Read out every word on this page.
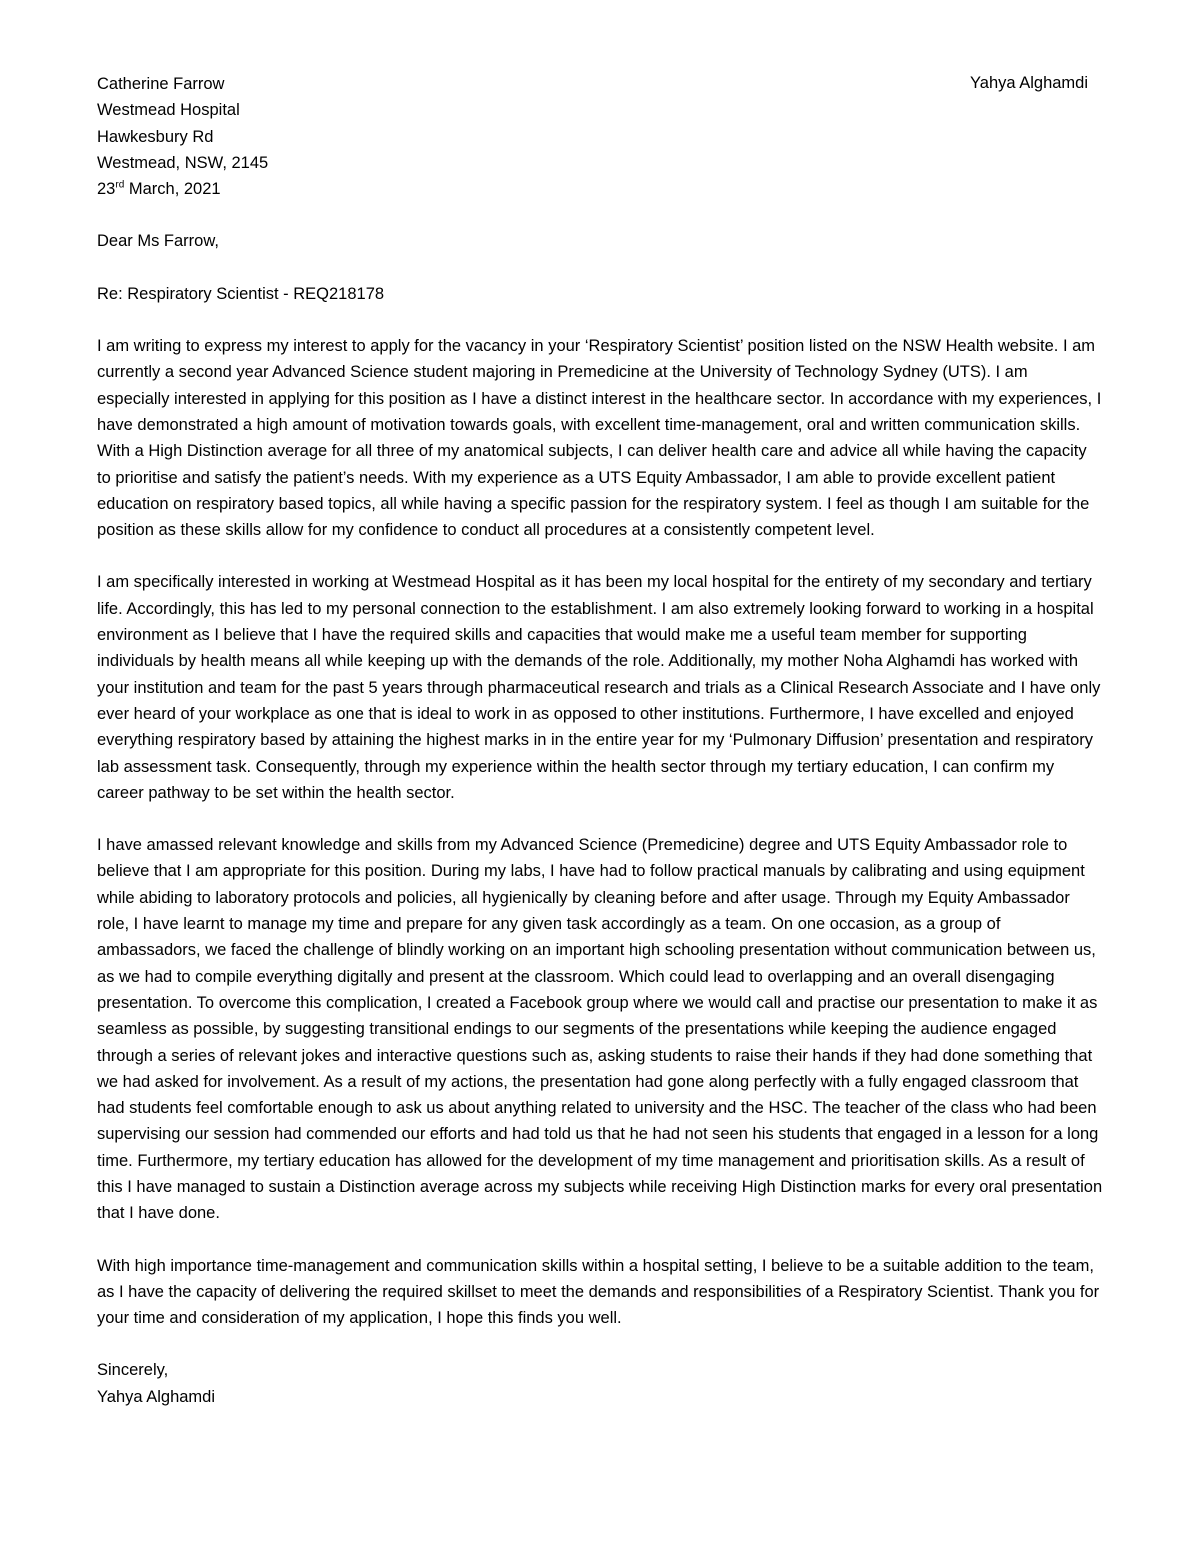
Yahya Alghamdi
Catherine Farrow
Westmead Hospital
Hawkesbury Rd
Westmead, NSW, 2145
23rd March, 2021
Dear Ms Farrow,
Re: Respiratory Scientist - REQ218178

I am writing to express my interest to apply for the vacancy in your ‘Respiratory Scientist’ position listed on the NSW Health website. I am currently a second year Advanced Science student majoring in Premedicine at the University of Technology Sydney (UTS). I am especially interested in applying for this position as I have a distinct interest in the healthcare sector. In accordance with my experiences, I have demonstrated a high amount of motivation towards goals, with excellent time-management, oral and written communication skills. With a High Distinction average for all three of my anatomical subjects, I can deliver health care and advice all while having the capacity to prioritise and satisfy the patient’s needs. With my experience as a UTS Equity Ambassador, I am able to provide excellent patient education on respiratory based topics, all while having a specific passion for the respiratory system. I feel as though I am suitable for the position as these skills allow for my confidence to conduct all procedures at a consistently competent level.

I am specifically interested in working at Westmead Hospital as it has been my local hospital for the entirety of my secondary and tertiary life. Accordingly, this has led to my personal connection to the establishment. I am also extremely looking forward to working in a hospital environment as I believe that I have the required skills and capacities that would make me a useful team member for supporting individuals by health means all while keeping up with the demands of the role. Additionally, my mother Noha Alghamdi has worked with your institution and team for the past 5 years through pharmaceutical research and trials as a Clinical Research Associate and I have only ever heard of your workplace as one that is ideal to work in as opposed to other institutions. Furthermore, I have excelled and enjoyed everything respiratory based by attaining the highest marks in in the entire year for my ‘Pulmonary Diffusion’ presentation and respiratory lab assessment task. Consequently, through my experience within the health sector through my tertiary education, I can confirm my career pathway to be set within the health sector.

I have amassed relevant knowledge and skills from my Advanced Science (Premedicine) degree and UTS Equity Ambassador role to believe that I am appropriate for this position. During my labs, I have had to follow practical manuals by calibrating and using equipment while abiding to laboratory protocols and policies, all hygienically by cleaning before and after usage. Through my Equity Ambassador role, I have learnt to manage my time and prepare for any given task accordingly as a team. On one occasion, as a group of ambassadors, we faced the challenge of blindly working on an important high schooling presentation without communication between us, as we had to compile everything digitally and present at the classroom. Which could lead to overlapping and an overall disengaging presentation. To overcome this complication, I created a Facebook group where we would call and practise our presentation to make it as seamless as possible, by suggesting transitional endings to our segments of the presentations while keeping the audience engaged through a series of relevant jokes and interactive questions such as, asking students to raise their hands if they had done something that we had asked for involvement. As a result of my actions, the presentation had gone along perfectly with a fully engaged classroom that had students feel comfortable enough to ask us about anything related to university and the HSC. The teacher of the class who had been supervising our session had commended our efforts and had told us that he had not seen his students that engaged in a lesson for a long time. Furthermore, my tertiary education has allowed for the development of my time management and prioritisation skills. As a result of this I have managed to sustain a Distinction average across my subjects while receiving High Distinction marks for every oral presentation that I have done.

With high importance time-management and communication skills within a hospital setting, I believe to be a suitable addition to the team, as I have the capacity of delivering the required skillset to meet the demands and responsibilities of a Respiratory Scientist. Thank you for your time and consideration of my application, I hope this finds you well.

Sincerely,
Yahya Alghamdi
